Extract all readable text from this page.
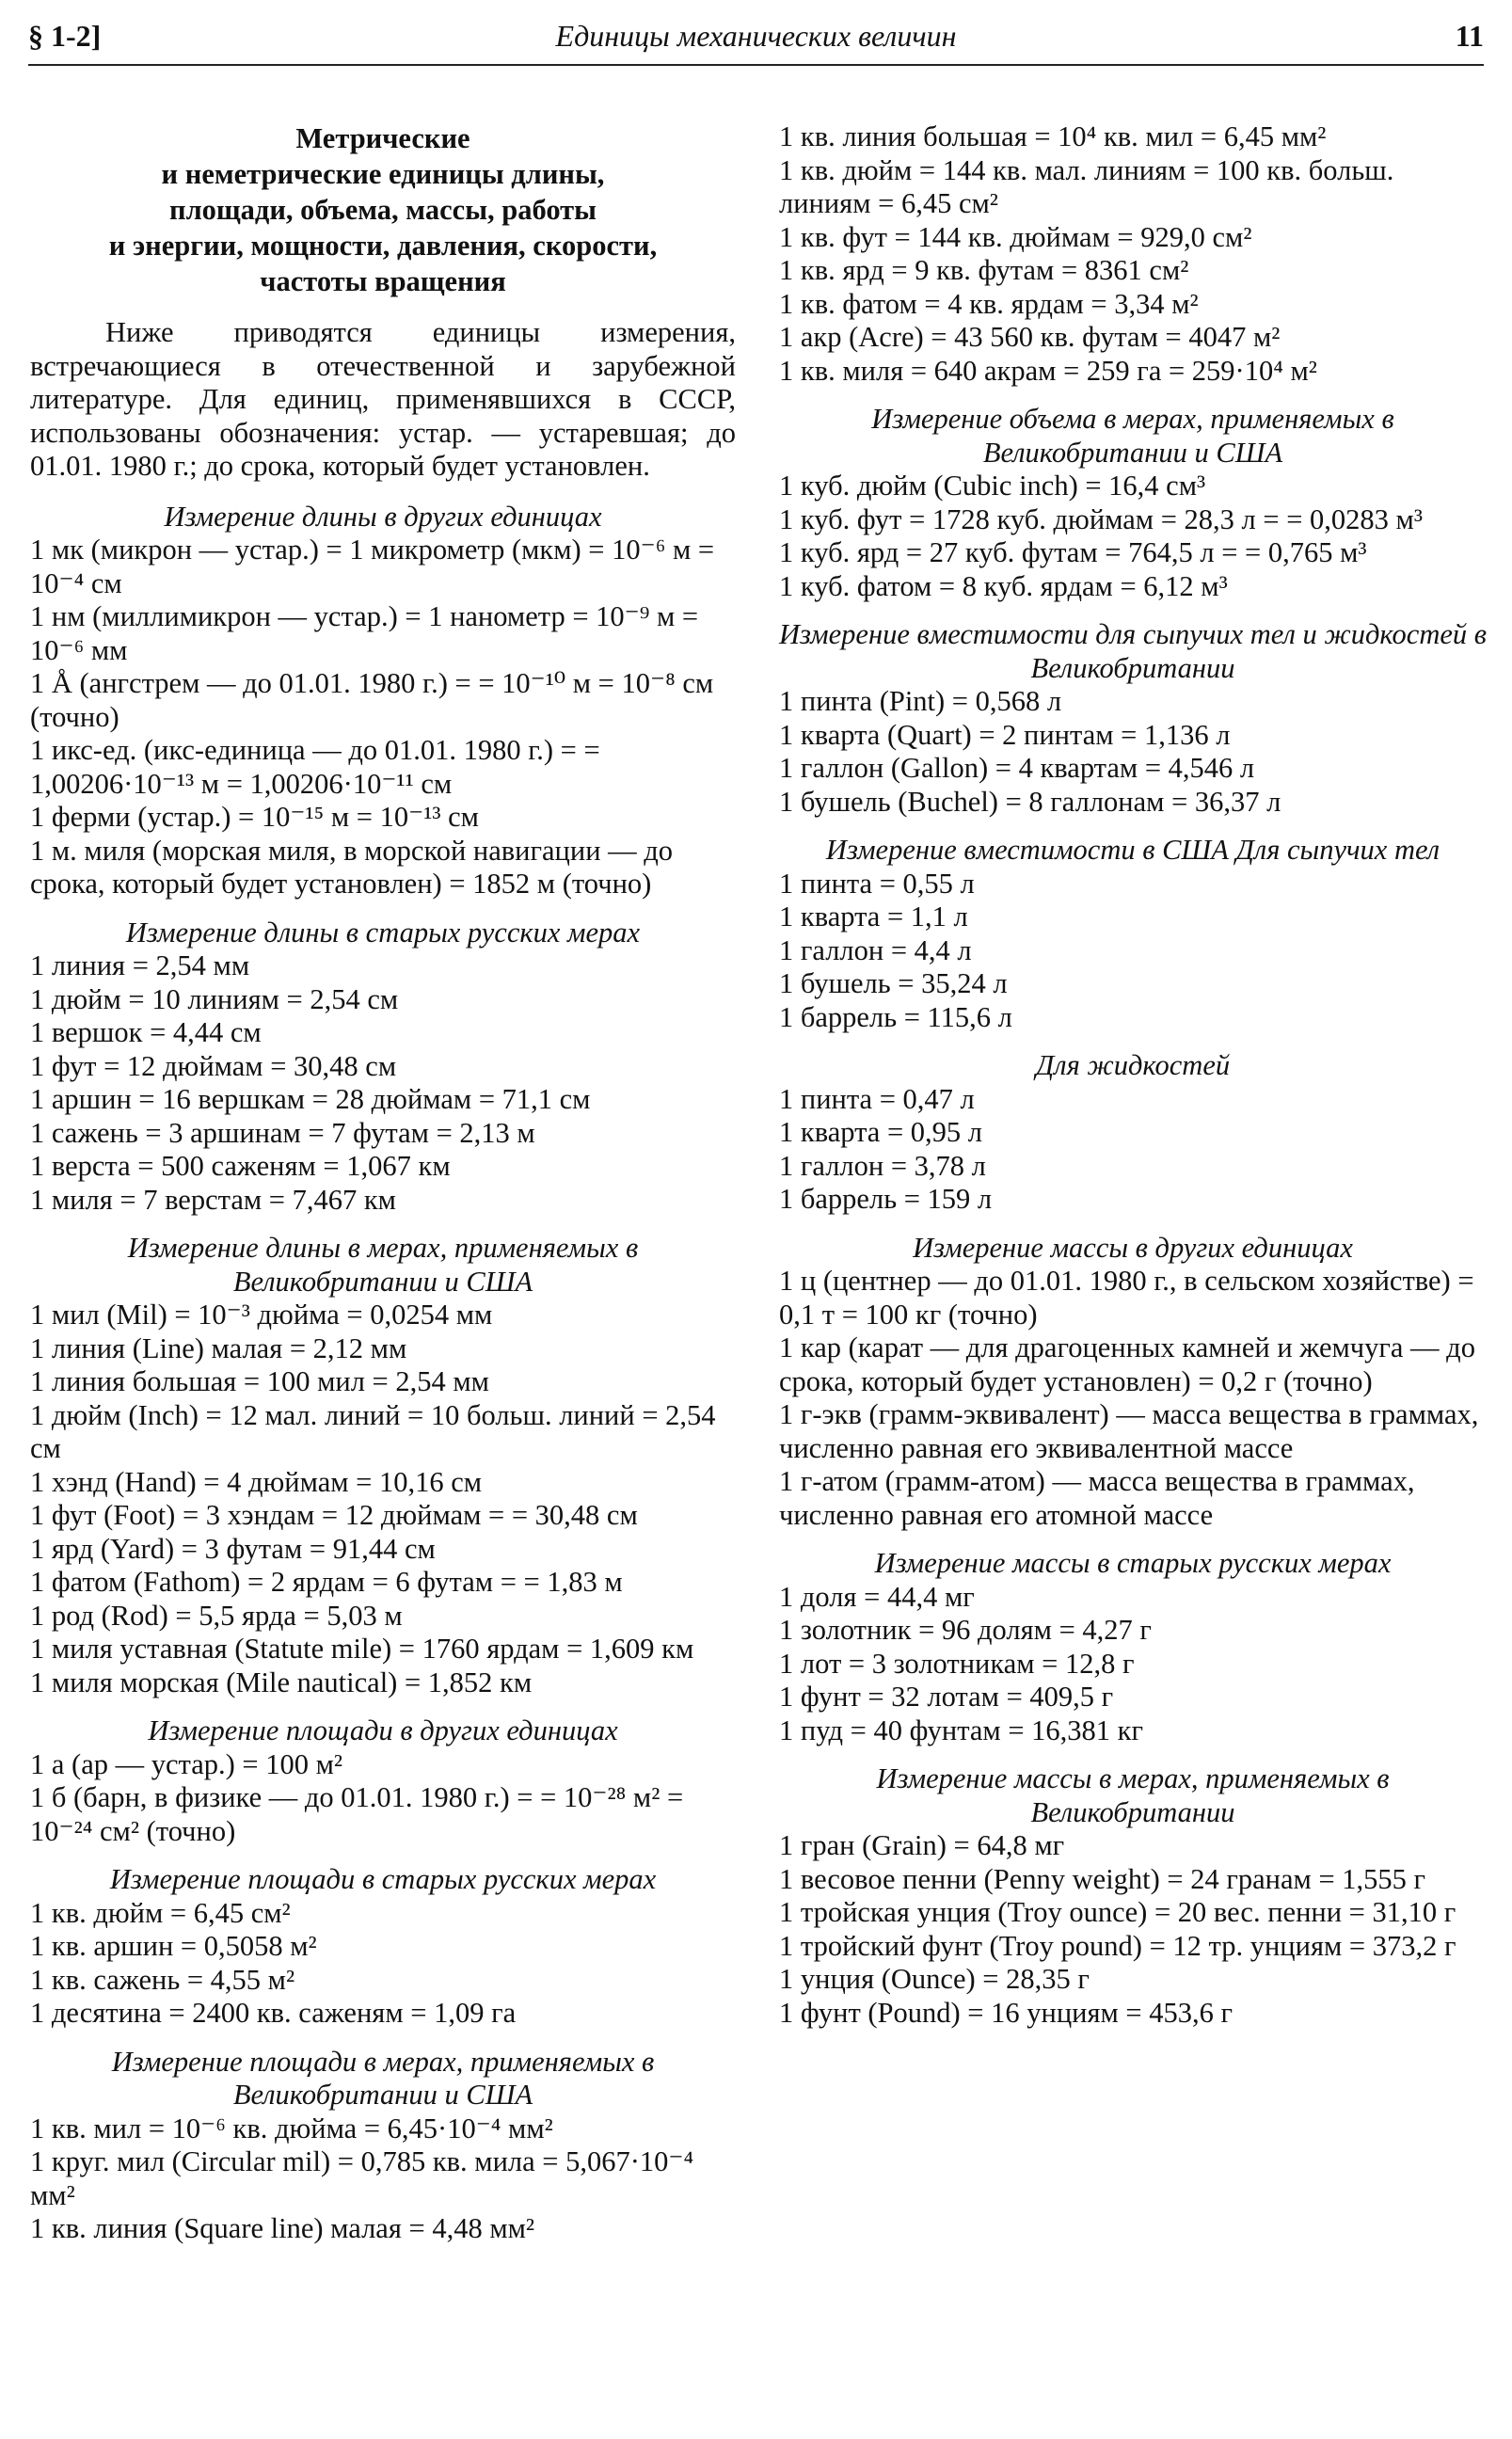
§ 1-2]	Единицы механических величин	11

Метрические
и неметрические единицы длины,
площади, объема, массы, работы
и энергии, мощности, давления, скорости,
частоты вращения

Ниже приводятся единицы измерения, встречающиеся в отечественной и зарубежной литературе. Для единиц, применявшихся в СССР, использованы обозначения: устар. — устаревшая; до 01.01. 1980 г.; до срока, который будет установлен.

Измерение длины в других единицах

1 мк (микрон — устар.) = 1 микрометр (мкм) = 10⁻⁶ м = 10⁻⁴ см

1 нм (миллимикрон — устар.) = 1 нанометр = 10⁻⁹ м = 10⁻⁶ мм

1 Å (ангстрем — до 01.01. 1980 г.) = = 10⁻¹⁰ м = 10⁻⁸ см (точно)

1 икс-ед. (икс-единица — до 01.01. 1980 г.) = = 1,00206·10⁻¹³ м = 1,00206·10⁻¹¹ см

1 ферми (устар.) = 10⁻¹⁵ м = 10⁻¹³ см

1 м. миля (морская миля, в морской навигации — до срока, который будет установлен) = 1852 м (точно)

Измерение длины в старых русских мерах

1 линия = 2,54 мм

1 дюйм = 10 линиям = 2,54 см

1 вершок = 4,44 см

1 фут = 12 дюймам = 30,48 см

1 аршин = 16 вершкам = 28 дюймам = 71,1 см

1 сажень = 3 аршинам = 7 футам = 2,13 м

1 верста = 500 саженям = 1,067 км

1 миля = 7 верстам = 7,467 км

Измерение длины в мерах, применяемых в Великобритании и США

1 мил (Mil) = 10⁻³ дюйма = 0,0254 мм

1 линия (Line) малая = 2,12 мм

1 линия большая = 100 мил = 2,54 мм

1 дюйм (Inch) = 12 мал. линий = 10 больш. линий = 2,54 см

1 хэнд (Hand) = 4 дюймам = 10,16 см

1 фут (Foot) = 3 хэндам = 12 дюймам = = 30,48 см

1 ярд (Yard) = 3 футам = 91,44 см

1 фатом (Fathom) = 2 ярдам = 6 футам = = 1,83 м

1 род (Rod) = 5,5 ярда = 5,03 м

1 миля уставная (Statute mile) = 1760 ярдам = 1,609 км

1 миля морская (Mile nautical) = 1,852 км

Измерение площади в других единицах

1 а (ар — устар.) = 100 м²

1 б (барн, в физике — до 01.01. 1980 г.) = = 10⁻²⁸ м² = 10⁻²⁴ см² (точно)

Измерение площади в старых русских мерах

1 кв. дюйм = 6,45 см²

1 кв. аршин = 0,5058 м²

1 кв. сажень = 4,55 м²

1 десятина = 2400 кв. саженям = 1,09 га

Измерение площади в мерах, применяемых в Великобритании и США

1 кв. мил = 10⁻⁶ кв. дюйма = 6,45·10⁻⁴ мм²

1 круг. мил (Circular mil) = 0,785 кв. мила = 5,067·10⁻⁴ мм²

1 кв. линия (Square line) малая = 4,48 мм²

1 кв. линия большая = 10⁴ кв. мил = 6,45 мм²

1 кв. дюйм = 144 кв. мал. линиям = 100 кв. больш. линиям = 6,45 см²

1 кв. фут = 144 кв. дюймам = 929,0 см²

1 кв. ярд = 9 кв. футам = 8361 см²

1 кв. фатом = 4 кв. ярдам = 3,34 м²

1 акр (Acre) = 43 560 кв. футам = 4047 м²

1 кв. миля = 640 акрам = 259 га = 259·10⁴ м²

Измерение объема в мерах, применяемых в Великобритании и США

1 куб. дюйм (Cubic inch) = 16,4 см³

1 куб. фут = 1728 куб. дюймам = 28,3 л = = 0,0283 м³

1 куб. ярд = 27 куб. футам = 764,5 л = = 0,765 м³

1 куб. фатом = 8 куб. ярдам = 6,12 м³

Измерение вместимости для сыпучих тел и жидкостей в Великобритании

1 пинта (Pint) = 0,568 л

1 кварта (Quart) = 2 пинтам = 1,136 л

1 галлон (Gallon) = 4 квартам = 4,546 л

1 бушель (Buchel) = 8 галлонам = 36,37 л

Измерение вместимости в США Для сыпучих тел

1 пинта = 0,55 л

1 кварта = 1,1 л

1 галлон = 4,4 л

1 бушель = 35,24 л

1 баррель = 115,6 л

Для жидкостей

1 пинта = 0,47 л

1 кварта = 0,95 л

1 галлон = 3,78 л

1 баррель = 159 л

Измерение массы в других единицах

1 ц (центнер — до 01.01. 1980 г., в сельском хозяйстве) = 0,1 т = 100 кг (точно)

1 кар (карат — для драгоценных камней и жемчуга — до срока, который будет установлен) = 0,2 г (точно)

1 г-экв (грамм-эквивалент) — масса вещества в граммах, численно равная его эквивалентной массе

1 г-атом (грамм-атом) — масса вещества в граммах, численно равная его атомной массе

Измерение массы в старых русских мерах

1 доля = 44,4 мг

1 золотник = 96 долям = 4,27 г

1 лот = 3 золотникам = 12,8 г

1 фунт = 32 лотам = 409,5 г

1 пуд = 40 фунтам = 16,381 кг

Измерение массы в мерах, применяемых в Великобритании

1 гран (Grain) = 64,8 мг

1 весовое пенни (Penny weight) = 24 гранам = 1,555 г

1 тройская унция (Troy ounce) = 20 вес. пенни = 31,10 г

1 тройский фунт (Troy pound) = 12 тр. унциям = 373,2 г

1 унция (Ounce) = 28,35 г

1 фунт (Pound) = 16 унциям = 453,6 г
